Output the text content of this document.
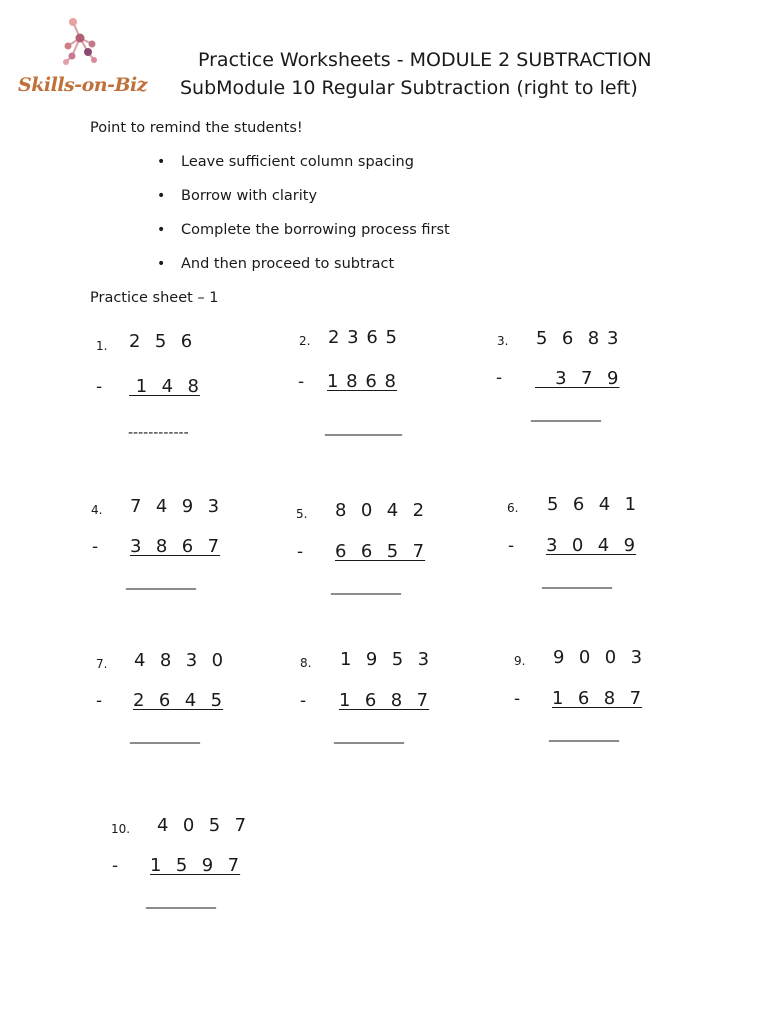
Skills-on-Biz
Practice Worksheets - MODULE 2 SUBTRACTION
SubModule 10 Regular Subtraction (right to left)
Point to remind the students!
• Leave sufficient column spacing
• Borrow with clarity
• Complete the borrowing process first
• And then proceed to subtract
Practice sheet – 1
1. 2  5  6
- 1  4  8
------------
2. 2 3 6 5
- 1 8 6 8
___________
3. 5  6  8 3
- 3  7  9
__________
4. 7  4  9  3
- 3  8  6  7
__________
5. 8  0  4  2
- 6  6  5  7
__________
6. 5  6  4  1
- 3  0  4  9
__________
7. 4  8  3  0
- 2  6  4  5
__________
8. 1  9  5  3
- 1  6  8  7
__________
9. 9  0  0  3
- 1  6  8  7
__________
10. 4  0  5  7
- 1  5  9  7
__________
